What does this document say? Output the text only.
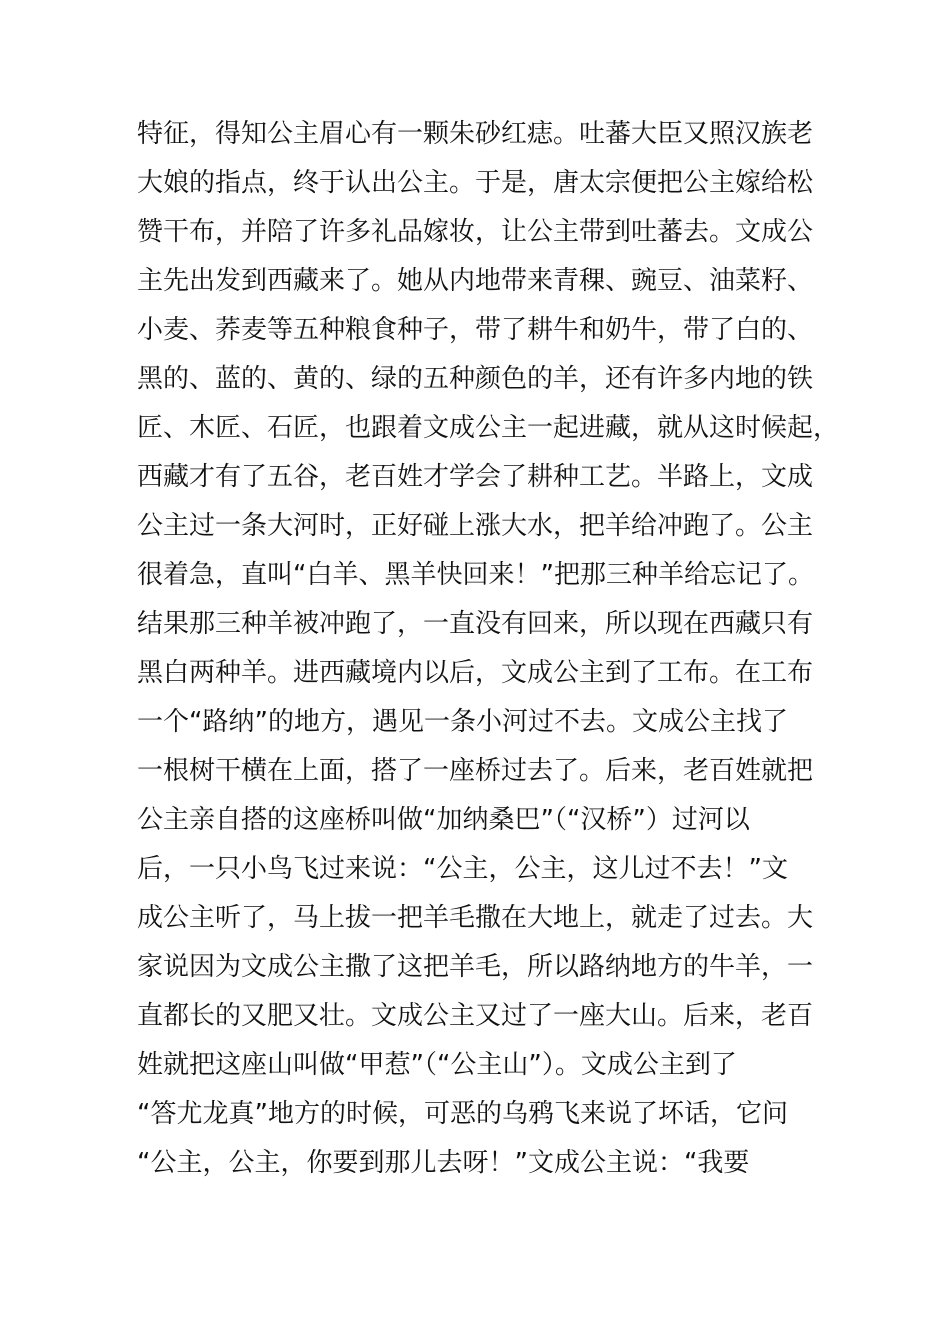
特征，得知公主眉心有一颗朱砂红痣。吐蕃大臣又照汉族老
大娘的指点，终于认出公主。于是，唐太宗便把公主嫁给松
赞干布，并陪了许多礼品嫁妆，让公主带到吐蕃去。文成公
主先出发到西藏来了。她从内地带来青稞、豌豆、油菜籽、
小麦、荞麦等五种粮食种子，带了耕牛和奶牛，带了白的、
黑的、蓝的、黄的、绿的五种颜色的羊，还有许多内地的铁
匠、木匠、石匠，也跟着文成公主一起进藏，就从这时候起，
西藏才有了五谷，老百姓才学会了耕种工艺。半路上，文成
公主过一条大河时，正好碰上涨大水，把羊给冲跑了。公主
很着急，直叫“白羊、黑羊快回来！”把那三种羊给忘记了。
结果那三种羊被冲跑了，一直没有回来，所以现在西藏只有
黑白两种羊。进西藏境内以后，文成公主到了工布。在工布
一个“路纳”的地方，遇见一条小河过不去。文成公主找了
一根树干横在上面，搭了一座桥过去了。后来，老百姓就把
公主亲自搭的这座桥叫做“加纳桑巴”（“汉桥”）过河以
后，一只小鸟飞过来说：“公主，公主，这儿过不去！”文
成公主听了，马上拔一把羊毛撒在大地上，就走了过去。大
家说因为文成公主撒了这把羊毛，所以路纳地方的牛羊，一
直都长的又肥又壮。文成公主又过了一座大山。后来，老百
姓就把这座山叫做“甲惹”（“公主山”）。文成公主到了
“答尤龙真”地方的时候，可恶的乌鸦飞来说了坏话，它问
“公主，公主，你要到那儿去呀！”文成公主说：“我要
